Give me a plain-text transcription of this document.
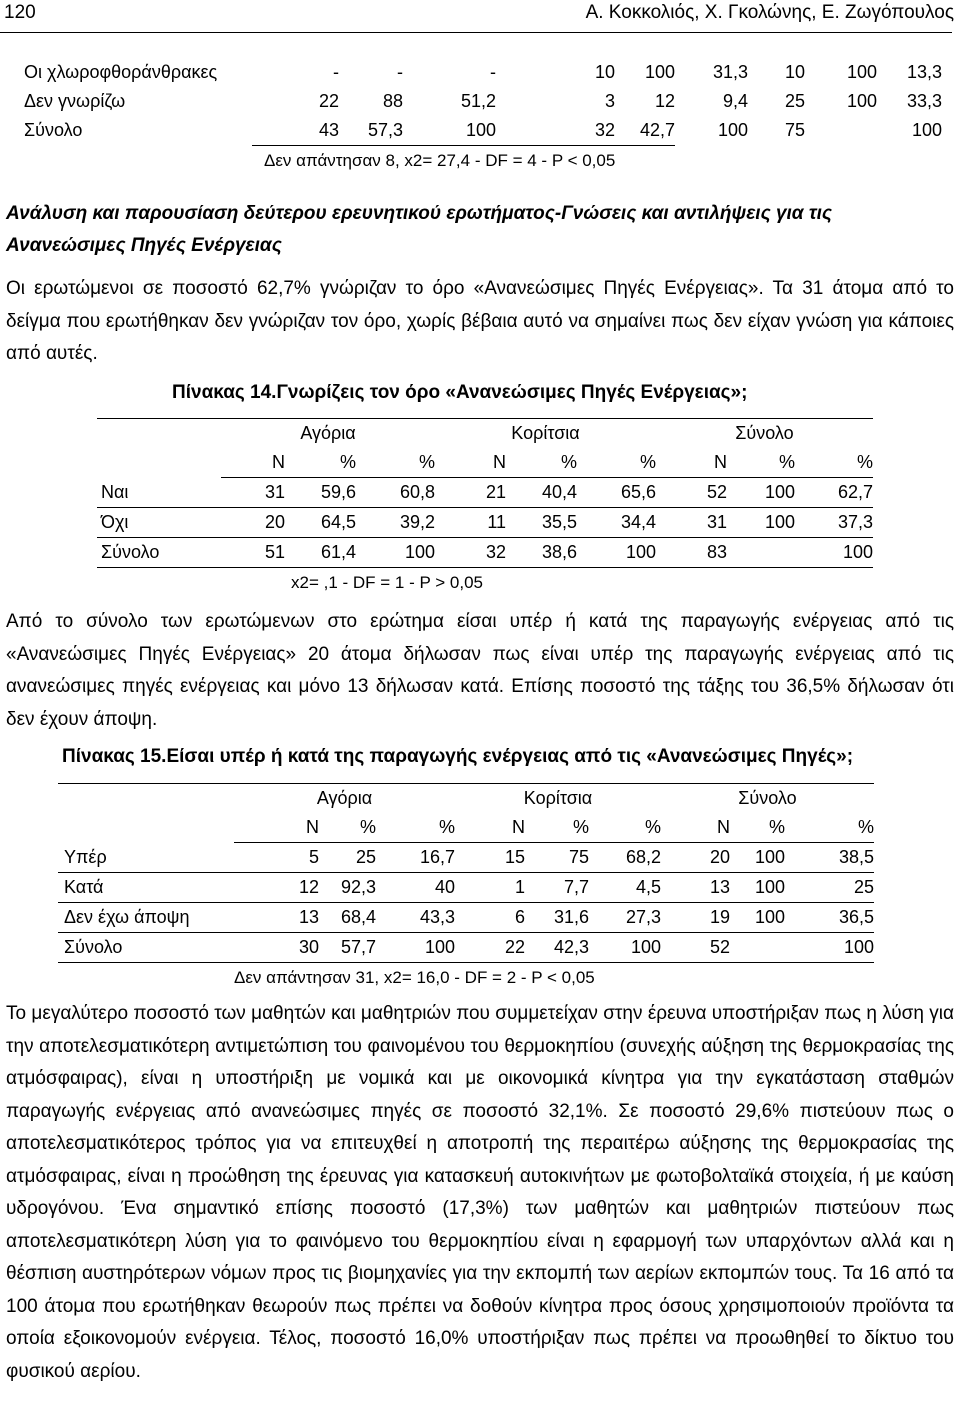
120	Α. Κοκκολιός, Χ. Γκολώνης, Ε. Ζωγόπουλος
Οι χλωροφθοράνθρακες	-	-	-	10	100	31,3	10	100	13,3
Δεν γνωρίζω	22	88	51,2	3	12	9,4	25	100	33,3
Σύνολο	43	57,3	100	32	42,7	100	75		100
	Δεν απάντησαν 8, x2= 27,4 - DF = 4 - P < 0,05								
Ανάλυση και παρουσίαση δεύτερου ερευνητικού ερωτήματος-Γνώσεις και αντιλήψεις για τις Ανανεώσιμες Πηγές Ενέργειας

Οι ερωτώμενοι σε ποσοστό 62,7% γνώριζαν το όρο «Ανανεώσιμες Πηγές Ενέργειας». Τα 31 άτομα από το δείγμα που ερωτήθηκαν δεν γνώριζαν τον όρο, χωρίς βέβαια αυτό να σημαίνει πως δεν είχαν γνώση για κάποιες από αυτές.

Πίνακας 14.Γνωρίζεις τον όρο «Ανανεώσιμες Πηγές Ενέργειας»;
	Αγόρια			Κορίτσια			Σύνολο		
	N	%	%	N	%	%	N	%	%
Ναι	31	59,6	60,8	21	40,4	65,6	52	100	62,7
Όχι	20	64,5	39,2	11	35,5	34,4	31	100	37,3
Σύνολο	51	61,4	100	32	38,6	100	83		100
		x2= ,1 - DF = 1 - P > 0,05							

Από το σύνολο των ερωτώμενων στο ερώτημα είσαι υπέρ ή κατά της παραγωγής ενέργειας από τις «Ανανεώσιμες Πηγές Ενέργειας» 20 άτομα δήλωσαν πως είναι υπέρ της παραγωγής ενέργειας από τις ανανεώσιμες πηγές ενέργειας και μόνο 13 δήλωσαν κατά. Επίσης ποσοστό της τάξης του 36,5% δήλωσαν ότι δεν έχουν άποψη.

Πίνακας 15.Είσαι υπέρ ή κατά της παραγωγής ενέργειας από τις «Ανανεώσιμες Πηγές»;
	Αγόρια			Κορίτσια			Σύνολο		
	N	%	%	N	%	%	N	%	%
Υπέρ	5	25	16,7	15	75	68,2	20	100	38,5
Κατά	12	92,3	40	1	7,7	4,5	13	100	25
Δεν έχω άποψη	13	68,4	43,3	6	31,6	27,3	19	100	36,5
Σύνολο	30	57,7	100	22	42,3	100	52		100
	Δεν απάντησαν 31, x2= 16,0 - DF = 2 - P < 0,05								

Το μεγαλύτερο ποσοστό των μαθητών και μαθητριών που συμμετείχαν στην έρευνα υποστήριξαν πως η λύση για την αποτελεσματικότερη αντιμετώπιση του φαινομένου του θερμοκηπίου (συνεχής αύξηση της θερμοκρασίας της ατμόσφαιρας), είναι η υποστήριξη με νομικά και με οικονομικά κίνητρα για την εγκατάσταση σταθμών παραγωγής ενέργειας από ανανεώσιμες πηγές σε ποσοστό 32,1%. Σε ποσοστό 29,6% πιστεύουν πως ο αποτελεσματικότερος τρόπος για να επιτευχθεί η αποτροπή της περαιτέρω αύξησης της θερμοκρασίας της ατμόσφαιρας, είναι η προώθηση της έρευνας για κατασκευή αυτοκινήτων με φωτοβολταϊκά στοιχεία, ή με καύση υδρογόνου. Ένα σημαντικό επίσης ποσοστό (17,3%) των μαθητών και μαθητριών πιστεύουν πως αποτελεσματικότερη λύση για το φαινόμενο του θερμοκηπίου είναι η εφαρμογή των υπαρχόντων αλλά και η θέσπιση αυστηρότερων νόμων προς τις βιομηχανίες για την εκπομπή των αερίων εκπομπών τους. Τα 16 από τα 100 άτομα που ερωτήθηκαν θεωρούν πως πρέπει να δοθούν κίνητρα προς όσους χρησιμοποιούν προϊόντα τα οποία εξοικονομούν ενέργεια. Τέλος, ποσοστό 16,0% υποστήριξαν πως πρέπει να προωθηθεί το δίκτυο του φυσικού αερίου.
